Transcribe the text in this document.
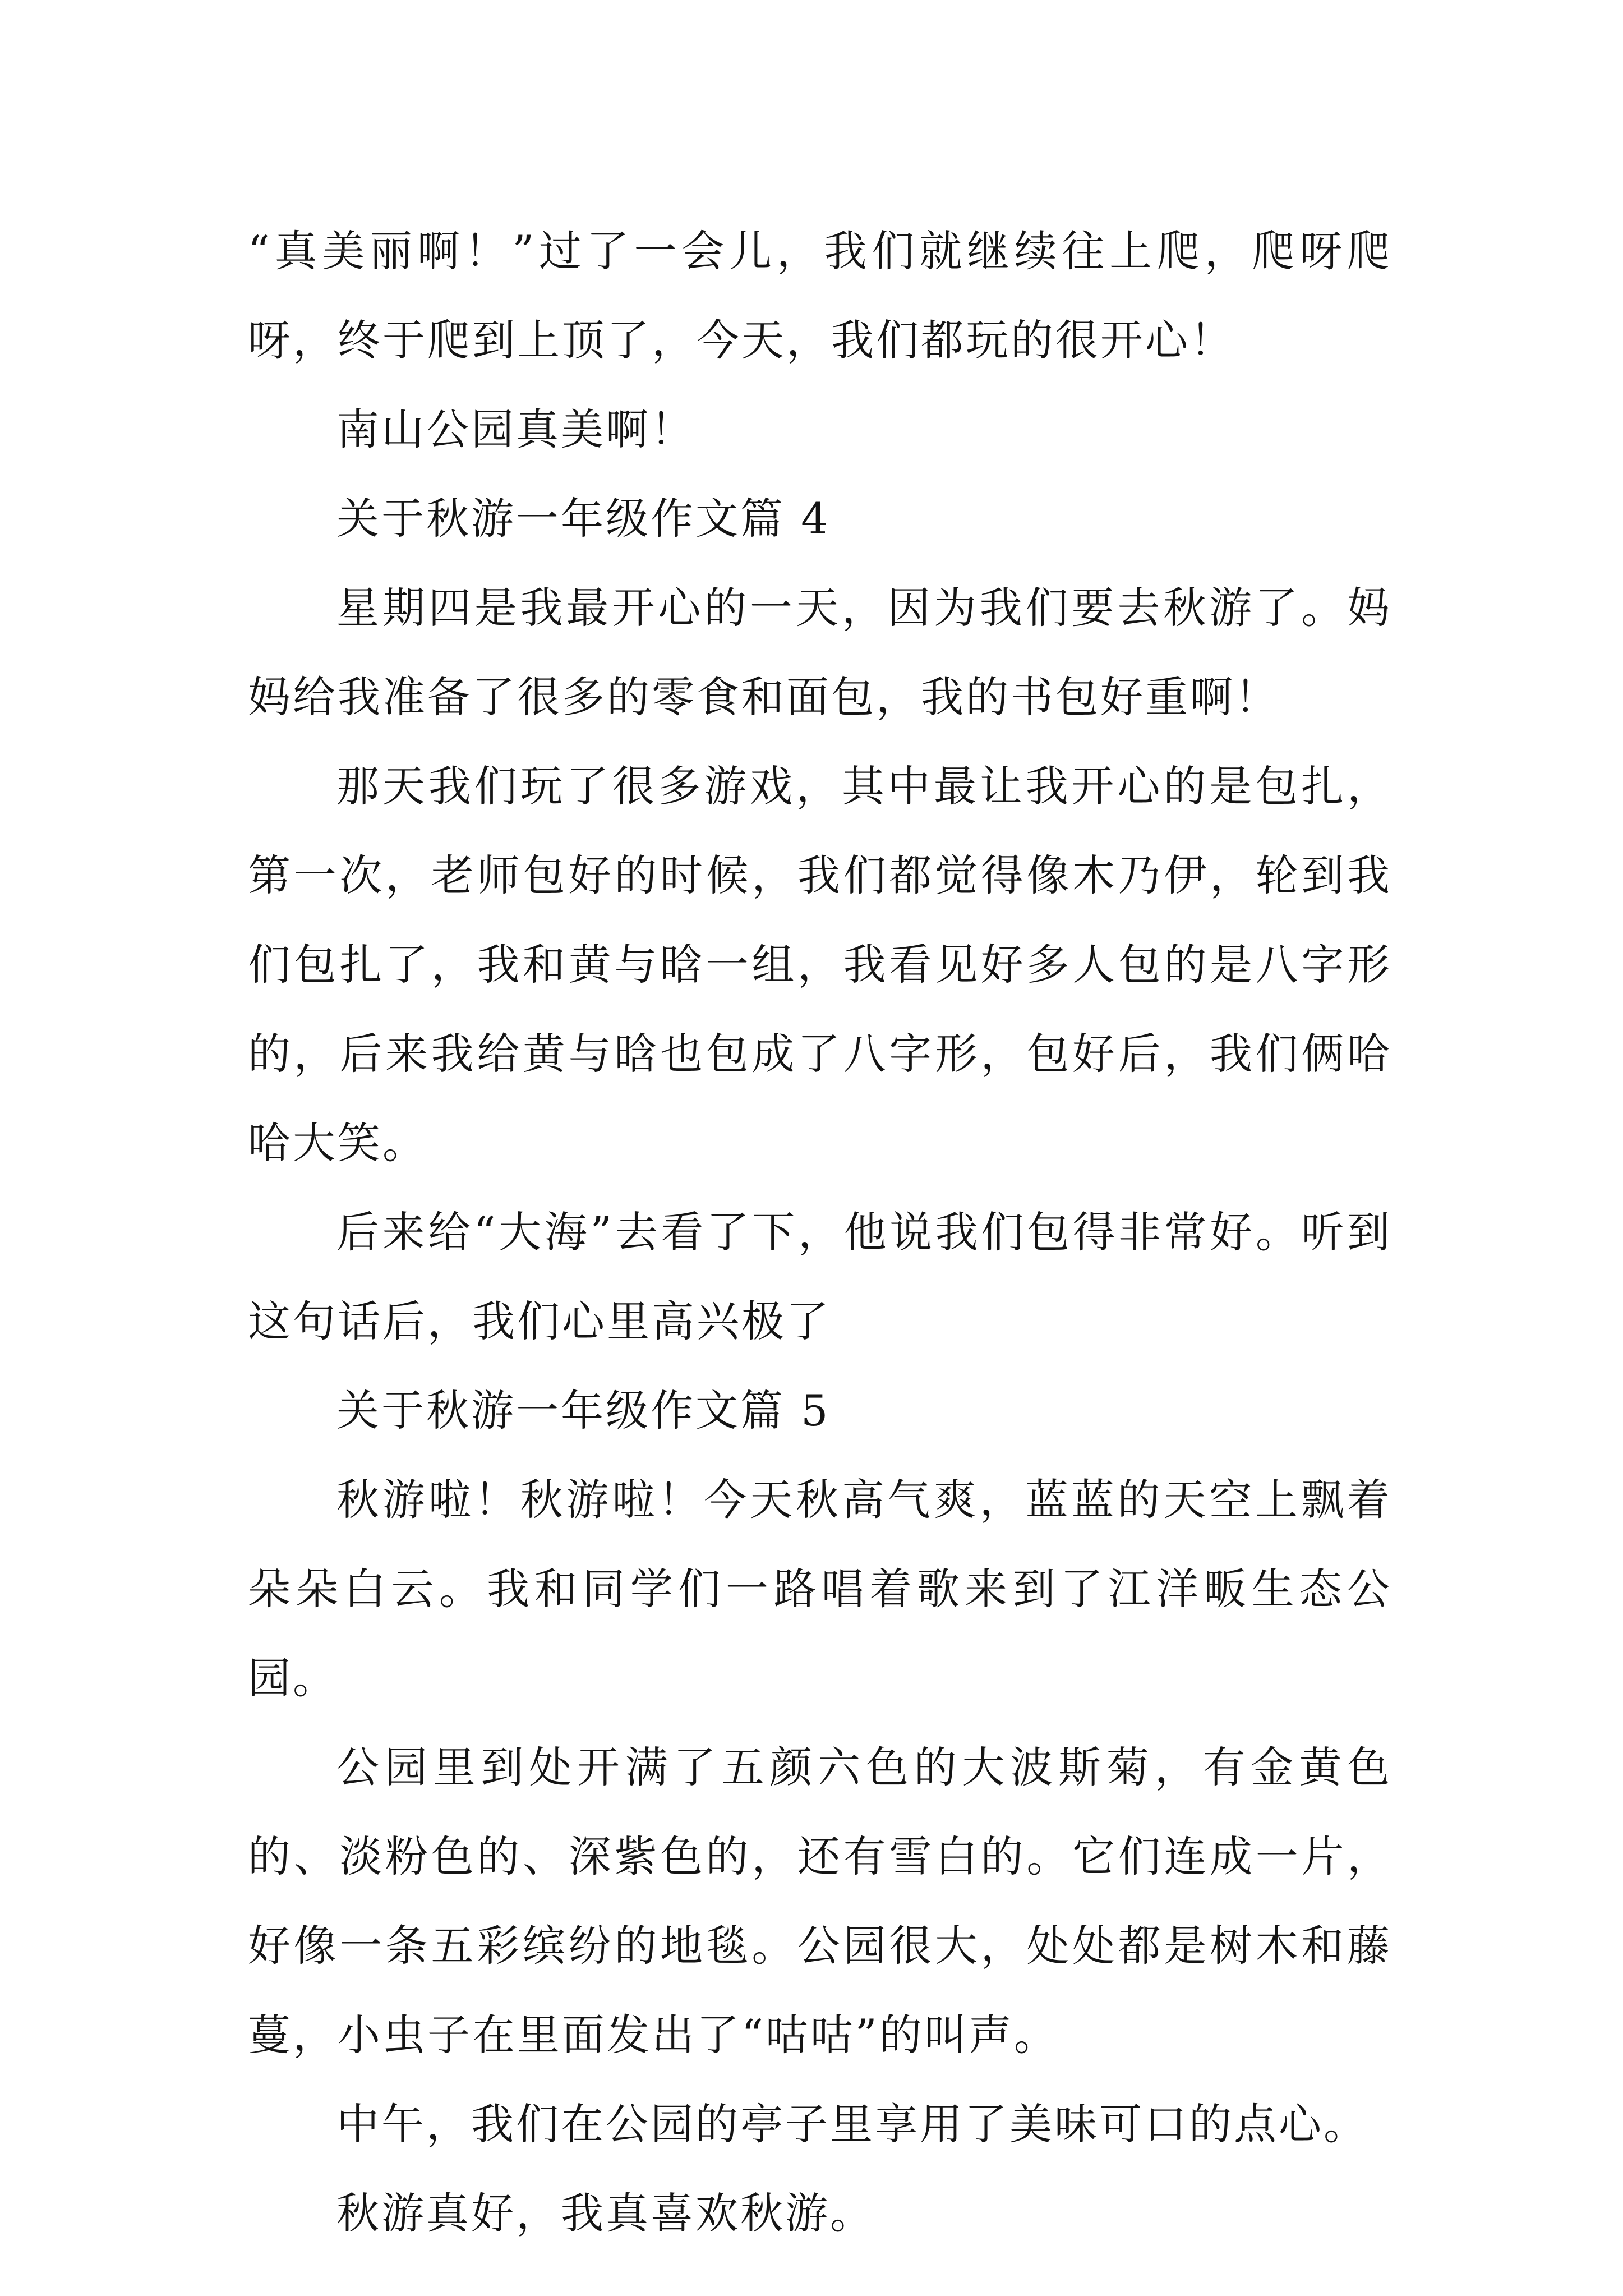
“真美丽啊！”过了一会儿，我们就继续往上爬，爬呀爬呀，终于爬到上顶了，今天，我们都玩的很开心！

南山公园真美啊！

关于秋游一年级作文篇 4

星期四是我最开心的一天，因为我们要去秋游了。妈妈给我准备了很多的零食和面包，我的书包好重啊！

那天我们玩了很多游戏，其中最让我开心的是包扎，第一次，老师包好的时候，我们都觉得像木乃伊，轮到我们包扎了，我和黄与晗一组，我看见好多人包的是八字形的，后来我给黄与晗也包成了八字形，包好后，我们俩哈哈大笑。

后来给“大海”去看了下，他说我们包得非常好。听到这句话后，我们心里高兴极了

关于秋游一年级作文篇 5

秋游啦！秋游啦！今天秋高气爽，蓝蓝的天空上飘着朵朵白云。我和同学们一路唱着歌来到了江洋畈生态公园。

公园里到处开满了五颜六色的大波斯菊，有金黄色的、淡粉色的、深紫色的，还有雪白的。它们连成一片，好像一条五彩缤纷的地毯。公园很大，处处都是树木和藤蔓，小虫子在里面发出了“咕咕”的叫声。

中午，我们在公园的亭子里享用了美味可口的点心。

秋游真好，我真喜欢秋游。
